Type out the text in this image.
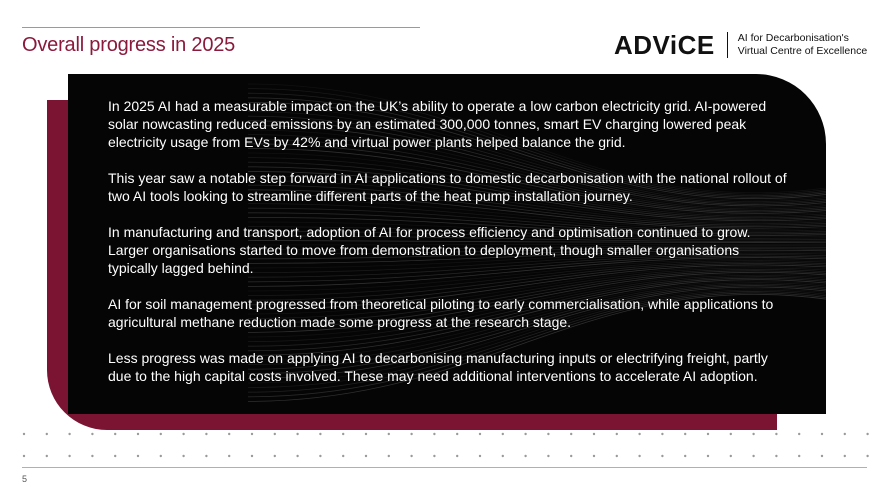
Overall progress in 2025	ADViCE AI for Decarbonisation's
Virtual Centre of Excellence

In 2025 AI had a measurable impact on the UK’s ability to operate a low carbon electricity grid. AI-powered solar nowcasting reduced emissions by an estimated 300,000 tonnes, smart EV charging lowered peak electricity usage from EVs by 42% and virtual power plants helped balance the grid.

This year saw a notable step forward in AI applications to domestic decarbonisation with the national rollout of two AI tools looking to streamline different parts of the heat pump installation journey.

In manufacturing and transport, adoption of AI for process efficiency and optimisation continued to grow. Larger organisations started to move from demonstration to deployment, though smaller organisations typically lagged behind.

AI for soil management progressed from theoretical piloting to early commercialisation, while applications to agricultural methane reduction made some progress at the research stage.

Less progress was made on applying AI to decarbonising manufacturing inputs or electrifying freight, partly due to the high capital costs involved. These may need additional interventions to accelerate AI adoption.

5
